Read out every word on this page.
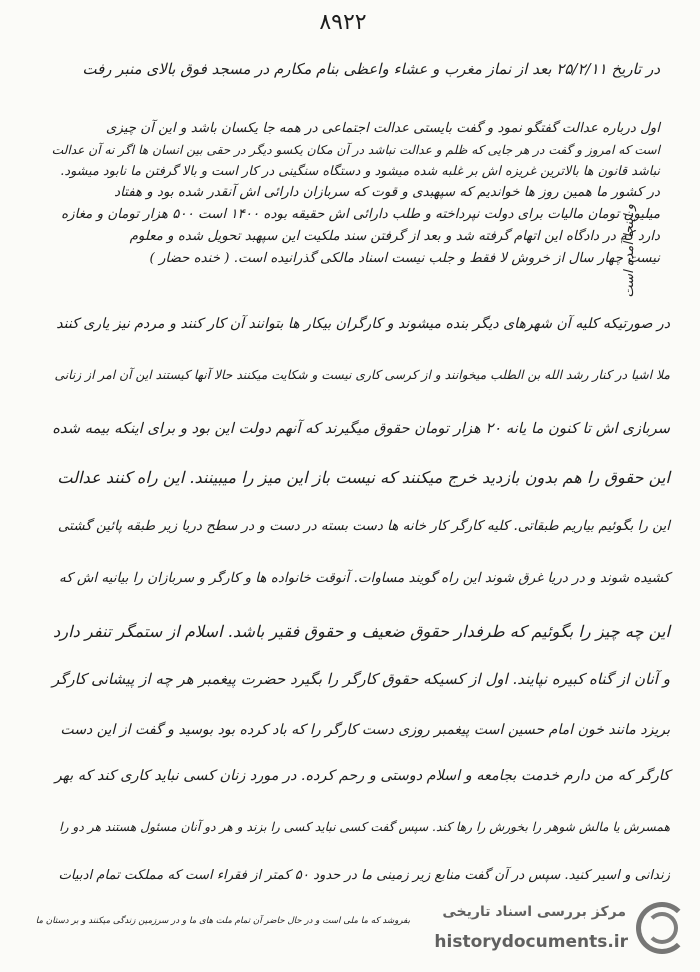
۸۹۲۲
در تاریخ ۲۵/۲/۱۱ بعد از نماز مغرب و عشاء واعظی بنام مکارم در مسجد فوق بالای منبر رفت
اول درباره عدالت گفتگو نمود و گفت بایستی عدالت اجتماعی در همه جا یکسان باشد و این آن چیزی
است که امروز و گفت در هر جایی که ظلم و عدالت نباشد در آن مکان یکسو دیگر در حقی بین انسان ها اگر نه آن عدالت
نباشد قانون ها بالاترین غریزه اش بر غلبه شده میشود و دستگاه سنگینی در کار است و بالا گرفتن ما نابود میشود.
در کشور ما همین روز ها خواندیم که سپهبدی و قوت که سربازان دارائی اش آنقدر شده بود و هفتاد
میلیون تومان مالیات برای دولت نپرداخته و طلب دارائی اش حقیقه بوده ۱۴۰۰ است ۵۰۰ هزار تومان و مغازه
دارد که در دادگاه این اتهام گرفته شد و بعد از گرفتن سند ملکیت این سپهبد تحویل شده و معلوم
نیست چهار سال از خروش لا فقط و جلب نیست اسناد مالکی گذرانیده است. ( خنده حضار )
و اینجا آمده است
در صورتیکه کلیه آن شهرهای دیگر بنده میشوند و کارگران بیکار ها بتوانند آن کار کنند و مردم نیز یاری کنند
ملا اشیا در کنار رشد الله بن الطلب میخوانند و از کرسی کاری نیست و شکایت میکنند حالا آنها کیستند این آن امر از زنانی
سربازی اش تا کنون ما یانه ۲۰ هزار تومان حقوق میگیرند که آنهم دولت این بود و برای اینکه بیمه شده
این حقوق را هم بدون بازدید خرج میکنند که نیست باز این میز را میبینند. این راه کنند عدالت
این را بگوئیم بیاریم طبقاتی. کلیه کارگر کار خانه ها دست بسته در دست و در سطح دریا زیر طبقه پائین گشتی
کشیده شوند و در دریا غرق شوند این راه گویند مساوات. آنوقت خانواده ها و کارگر و سربازان را بیانیه اش که
این چه چیز را بگوئیم که طرفدار حقوق ضعیف و حقوق فقیر باشد. اسلام از ستمگر تنفر دارد
و آنان از گناه کبیره نپایند. اول از کسیکه حقوق کارگر را بگیرد حضرت پیغمبر هر چه از پیشانی کارگر
بریزد مانند خون امام حسین است پیغمبر روزی دست کارگر را که باد کرده بود بوسید و گفت از این دست
کارگر که من دارم خدمت بجامعه و اسلام دوستی و رحم کرده. در مورد زنان کسی نباید کاری کند که بهر
همسرش یا مالش شوهر را بخورش را رها کند. سپس گفت کسی نباید کسی را بزند و هر دو آنان مسئول هستند هر دو را
زندانی و اسیر کنید. سپس در آن گفت منابع زیر زمینی ما در حدود ۵۰ کمتر از فقراء است که مملکت تمام ادبیات
بفروشد که ما ملی است و در حال حاضر آن تمام ملت های ما و در سرزمین زندگی میکنند و بر دستان ما
مرکز بررسی اسناد تاریخی
historydocuments.ir
